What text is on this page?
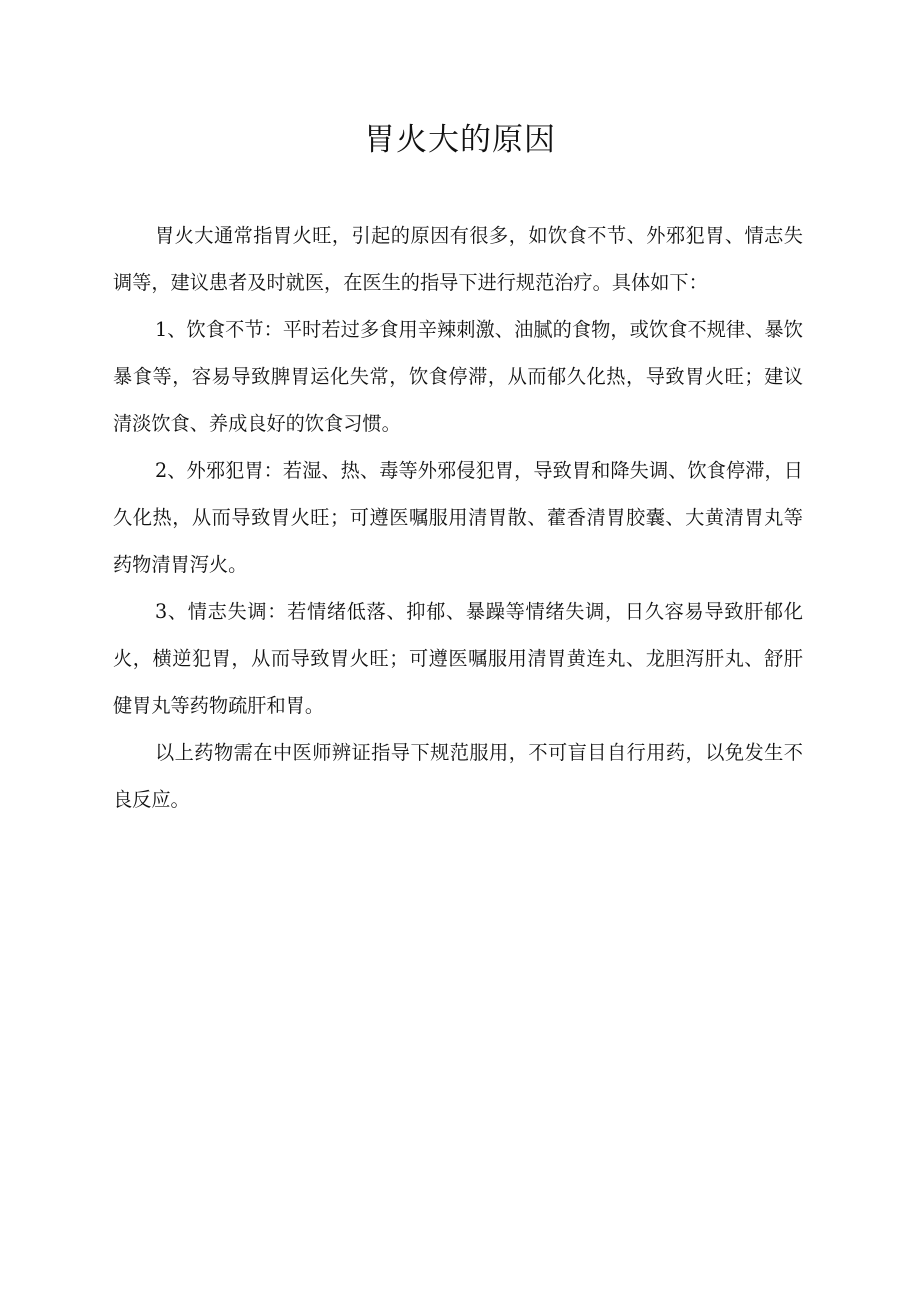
胃火大的原因

胃火大通常指胃火旺，引起的原因有很多，如饮食不节、外邪犯胃、情志失调等，建议患者及时就医，在医生的指导下进行规范治疗。具体如下：

1、饮食不节：平时若过多食用辛辣刺激、油腻的食物，或饮食不规律、暴饮暴食等，容易导致脾胃运化失常，饮食停滞，从而郁久化热，导致胃火旺；建议清淡饮食、养成良好的饮食习惯。

2、外邪犯胃：若湿、热、毒等外邪侵犯胃，导致胃和降失调、饮食停滞，日久化热，从而导致胃火旺；可遵医嘱服用清胃散、藿香清胃胶囊、大黄清胃丸等药物清胃泻火。

3、情志失调：若情绪低落、抑郁、暴躁等情绪失调，日久容易导致肝郁化火，横逆犯胃，从而导致胃火旺；可遵医嘱服用清胃黄连丸、龙胆泻肝丸、舒肝健胃丸等药物疏肝和胃。

以上药物需在中医师辨证指导下规范服用，不可盲目自行用药，以免发生不良反应。
